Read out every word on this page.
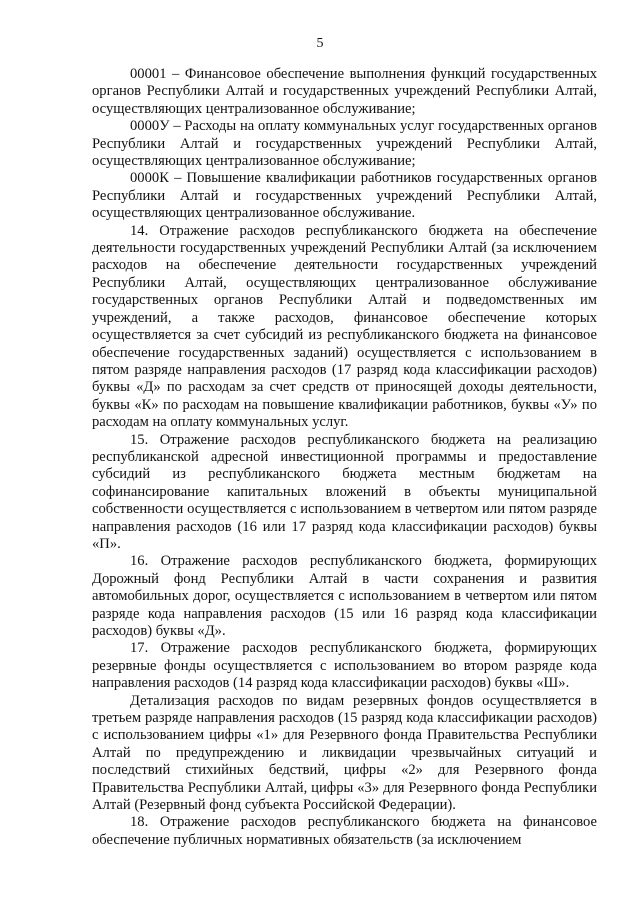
5

00001 – Финансовое обеспечение выполнения функций государственных органов Республики Алтай и государственных учреждений Республики Алтай, осуществляющих централизованное обслуживание;

0000У – Расходы на оплату коммунальных услуг государственных органов Республики Алтай и государственных учреждений Республики Алтай, осуществляющих централизованное обслуживание;

0000К – Повышение квалификации работников государственных органов Республики Алтай и государственных учреждений Республики Алтай, осуществляющих централизованное обслуживание.

14. Отражение расходов республиканского бюджета на обеспечение деятельности государственных учреждений Республики Алтай (за исключением расходов на обеспечение деятельности государственных учреждений Республики Алтай, осуществляющих централизованное обслуживание государственных органов Республики Алтай и подведомственных им учреждений, а также расходов, финансовое обеспечение которых осуществляется за счет субсидий из республиканского бюджета на финансовое обеспечение государственных заданий) осуществляется с использованием в пятом разряде направления расходов (17 разряд кода классификации расходов) буквы «Д» по расходам за счет средств от приносящей доходы деятельности, буквы «К» по расходам на повышение квалификации работников, буквы «У» по расходам на оплату коммунальных услуг.

15. Отражение расходов республиканского бюджета на реализацию республиканской адресной инвестиционной программы и предоставление субсидий из республиканского бюджета местным бюджетам на софинансирование капитальных вложений в объекты муниципальной собственности осуществляется с использованием в четвертом или пятом разряде направления расходов (16 или 17 разряд кода классификации расходов) буквы «П».

16. Отражение расходов республиканского бюджета, формирующих Дорожный фонд Республики Алтай в части сохранения и развития автомобильных дорог, осуществляется с использованием в четвертом или пятом разряде кода направления расходов (15 или 16 разряд кода классификации расходов) буквы «Д».

17. Отражение расходов республиканского бюджета, формирующих резервные фонды осуществляется с использованием во втором разряде кода направления расходов (14 разряд кода классификации расходов) буквы «Ш».

Детализация расходов по видам резервных фондов осуществляется в третьем разряде направления расходов (15 разряд кода классификации расходов) с использованием цифры «1» для Резервного фонда Правительства Республики Алтай по предупреждению и ликвидации чрезвычайных ситуаций и последствий стихийных бедствий, цифры «2» для Резервного фонда Правительства Республики Алтай, цифры «3» для Резервного фонда Республики Алтай (Резервный фонд субъекта Российской Федерации).

18. Отражение расходов республиканского бюджета на финансовое обеспечение публичных нормативных обязательств (за исключением
